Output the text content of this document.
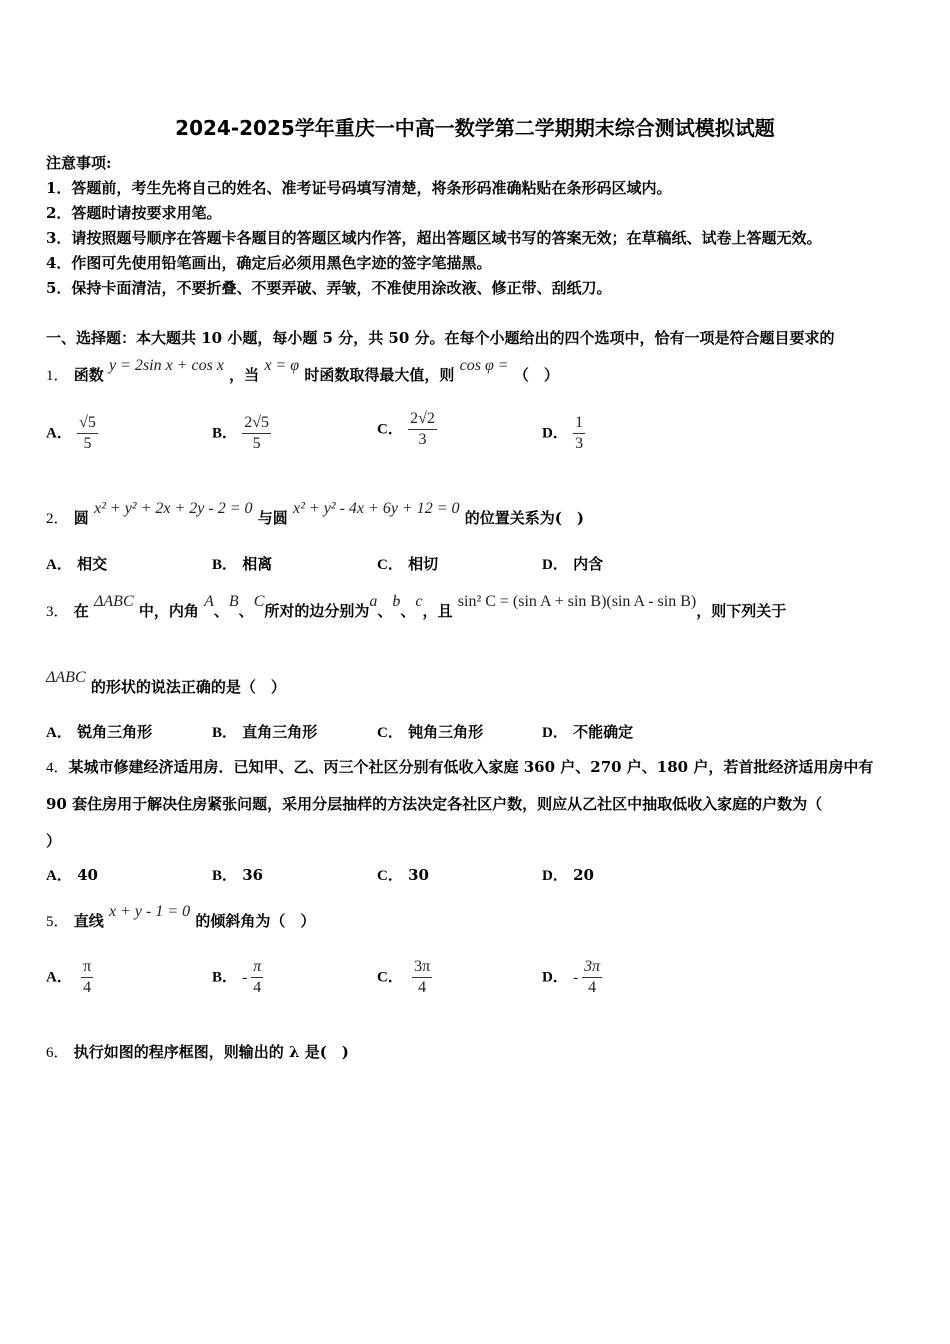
2024-2025学年重庆一中高一数学第二学期期末综合测试模拟试题
注意事项:
1．答题前，考生先将自己的姓名、准考证号码填写清楚，将条形码准确粘贴在条形码区域内。
2．答题时请按要求用笔。
3．请按照题号顺序在答题卡各题目的答题区域内作答，超出答题区域书写的答案无效；在草稿纸、试卷上答题无效。
4．作图可先使用铅笔画出，确定后必须用黑色字迹的签字笔描黑。
5．保持卡面清洁，不要折叠、不要弄破、弄皱，不准使用涂改液、修正带、刮纸刀。
一、选择题：本大题共 10 小题，每小题 5 分，共 50 分。在每个小题给出的四个选项中，恰有一项是符合题目要求的
1． 函数 y = 2sin x + cos x ，当 x = φ 时函数取得最大值，则 cos φ = （　）
A． $\frac{√5}{5}$	B． $\frac{2√5}{5}$	C． $\frac{2√2}{3}$	D． $\frac{1}{3}$
2． 圆 x² + y² + 2x + 2y - 2 = 0 与圆 x² + y² - 4x + 6y + 12 = 0 的位置关系为(　)
A． 相交	B． 相离	C． 相切	D． 内含
3． 在 ΔABC 中，内角 A、B、C所对的边分别为a、b、c，且 sin² C = (sin A + sin B)(sin A - sin B)，则下列关于
ΔABC 的形状的说法正确的是（　）
A． 锐角三角形	B． 直角三角形	C． 钝角三角形	D． 不能确定
4．某城市修建经济适用房．已知甲、乙、丙三个社区分别有低收入家庭 360 户、270 户、180 户，若首批经济适用房中有
90 套住房用于解决住房紧张问题，采用分层抽样的方法决定各社区户数，则应从乙社区中抽取低收入家庭的户数为（
）
A． 40	B． 36	C． 30	D． 20
5． 直线 x + y - 1 = 0 的倾斜角为（　）
A． $\frac{\pi}{4}$	B． - $\frac{\pi}{4}$	C． $\frac{3\pi}{4}$	D． - $\frac{3\pi}{4}$
6． 执行如图的程序框图，则输出的 λ 是(　)
